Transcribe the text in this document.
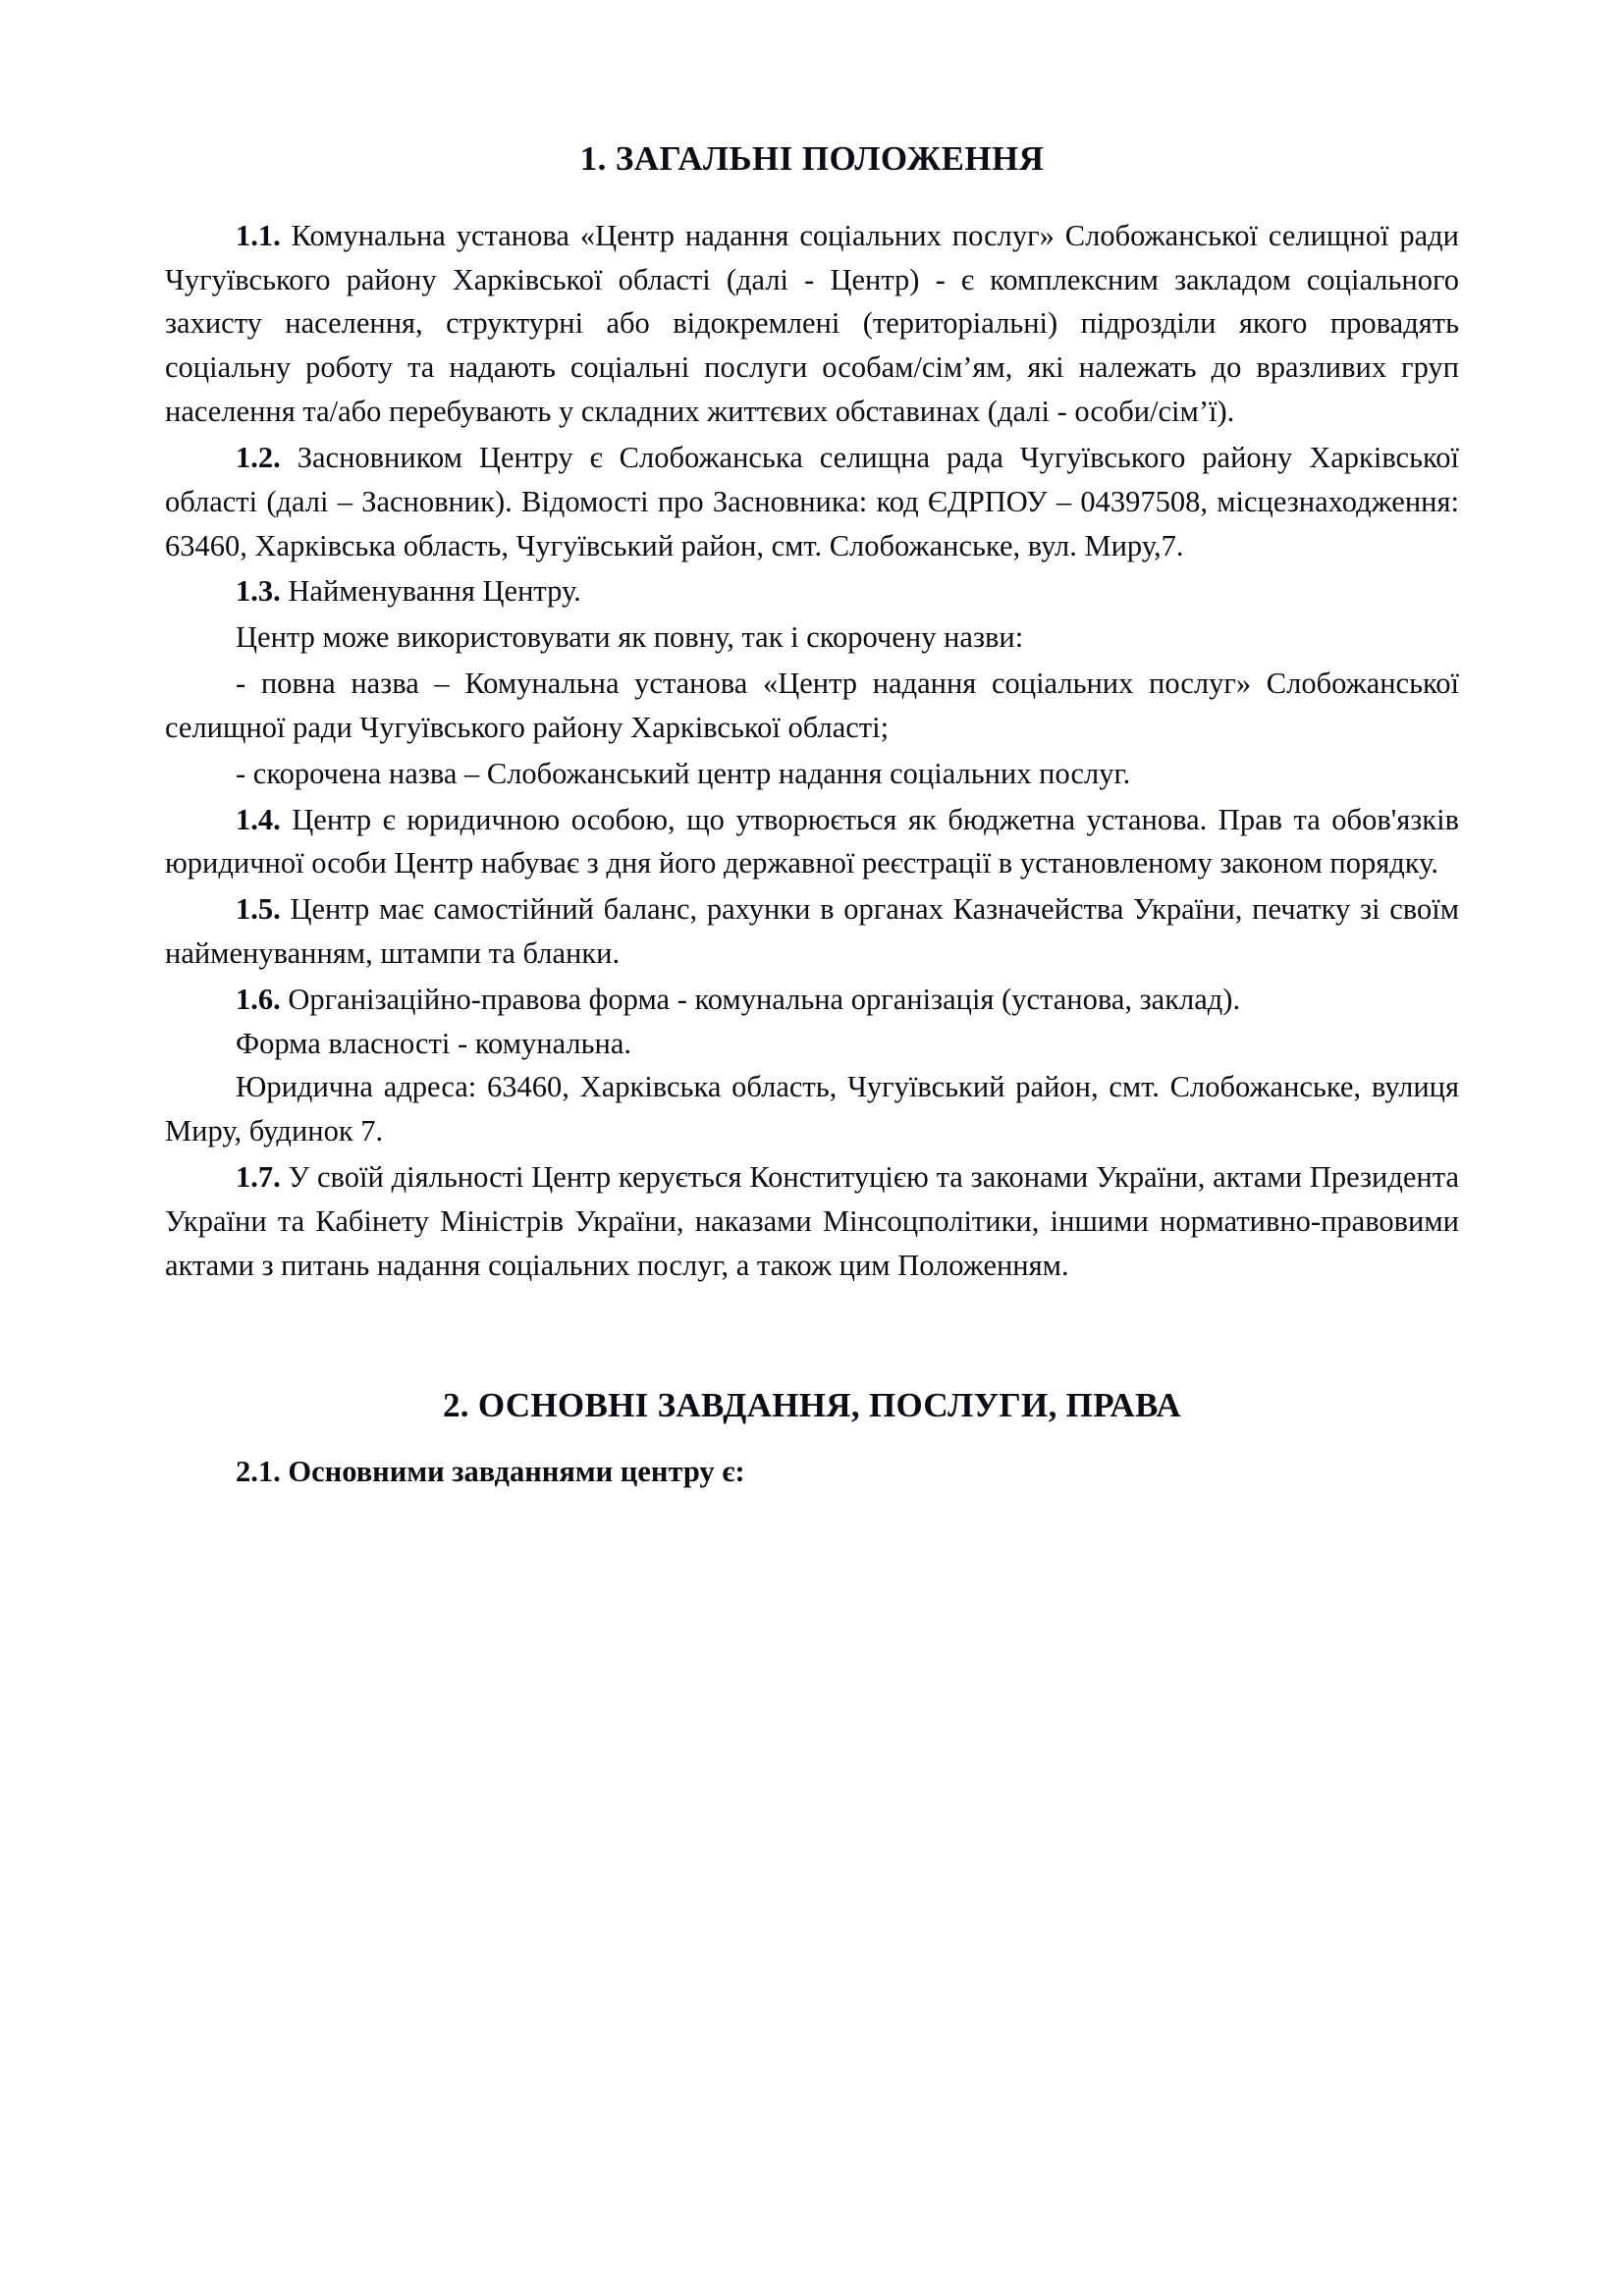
1. ЗАГАЛЬНІ ПОЛОЖЕННЯ

1.1. Комунальна установа «Центр надання соціальних послуг» Слобожанської селищної ради Чугуївського району Харківської області (далі - Центр) - є комплексним закладом соціального захисту населення, структурні або відокремлені (територіальні) підрозділи якого провадять соціальну роботу та надають соціальні послуги особам/сім’ям, які належать до вразливих груп населення та/або перебувають у складних життєвих обставинах (далі - особи/сім’ї).

1.2. Засновником Центру є Слобожанська селищна рада Чугуївського району Харківської області (далі – Засновник). Відомості про Засновника: код ЄДРПОУ – 04397508, місцезнаходження: 63460, Харківська область, Чугуївський район, смт. Слобожанське, вул. Миру,7.

1.3. Найменування Центру.

Центр може використовувати як повну, так і скорочену назви:

- повна назва – Комунальна установа «Центр надання соціальних послуг» Слобожанської селищної ради Чугуївського району Харківської області;

- скорочена назва – Слобожанський центр надання соціальних послуг.

1.4. Центр є юридичною особою, що утворюється як бюджетна установа. Прав та обов'язків юридичної особи Центр набуває з дня його державної реєстрації в установленому законом порядку.

1.5. Центр має самостійний баланс, рахунки в органах Казначейства України, печатку зі своїм найменуванням, штампи та бланки.

1.6. Організаційно-правова форма - комунальна організація (установа, заклад).

Форма власності - комунальна.

Юридична адреса: 63460, Харківська область, Чугуївський район, смт. Слобожанське, вулиця Миру, будинок 7.

1.7. У своїй діяльності Центр керується Конституцією та законами України, актами Президента України та Кабінету Міністрів України, наказами Мінсоцполітики, іншими нормативно-правовими актами з питань надання соціальних послуг, а також цим Положенням.

2. ОСНОВНІ ЗАВДАННЯ, ПОСЛУГИ, ПРАВА

2.1. Основними завданнями центру є:
